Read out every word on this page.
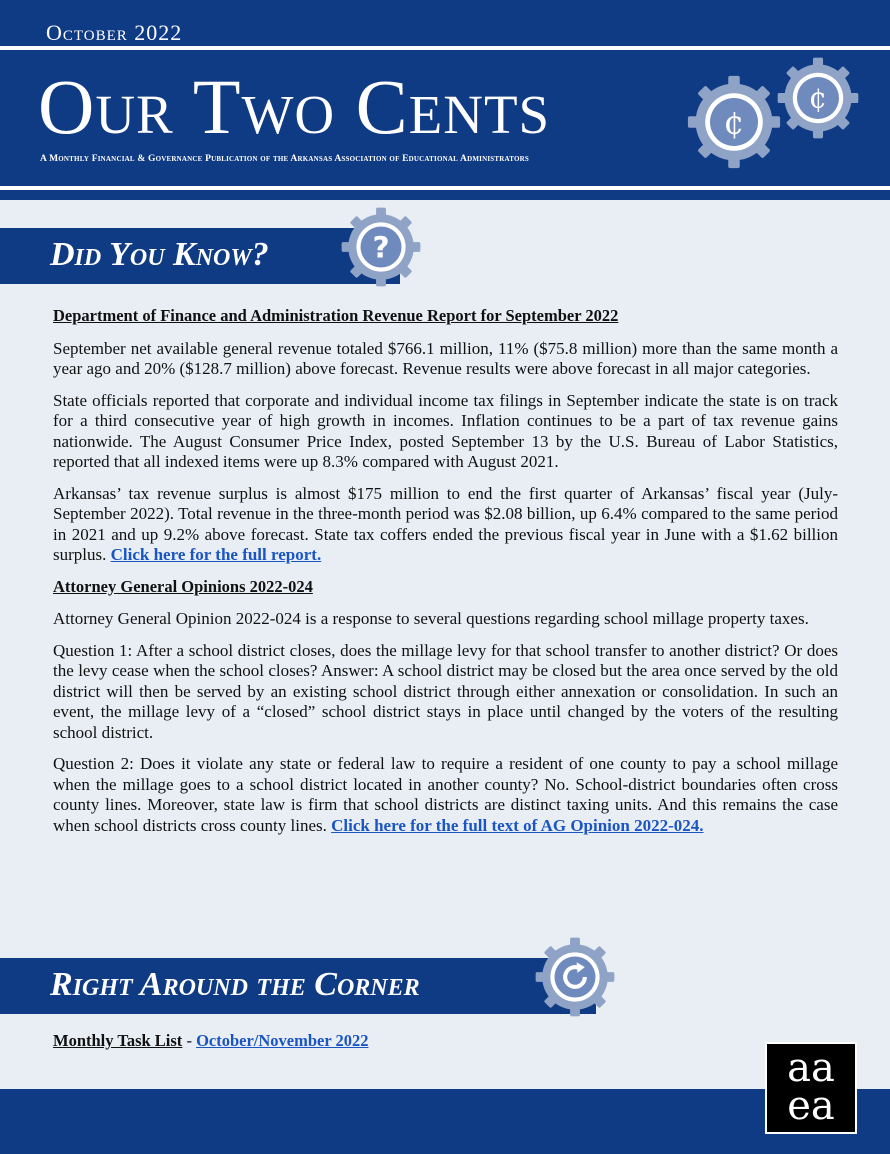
October 2022
Our Two Cents
A Monthly Financial & Governance Publication of the Arkansas Association of Educational Administrators
¢
¢
Did You Know?	?

Department of Finance and Administration Revenue Report for September 2022

September net available general revenue totaled $766.1 million, 11% ($75.8 million) more than the same month a year ago and 20% ($128.7 million) above forecast. Revenue results were above forecast in all major categories.

State officials reported that corporate and individual income tax filings in September indicate the state is on track for a third consecutive year of high growth in incomes. Inflation continues to be a part of tax revenue gains nationwide. The August Consumer Price Index, posted September 13 by the U.S. Bureau of Labor Statistics, reported that all indexed items were up 8.3% compared with August 2021.

Arkansas’ tax revenue surplus is almost $175 million to end the first quarter of Arkansas’ fiscal year (July-September 2022). Total revenue in the three-month period was $2.08 billion, up 6.4% compared to the same period in 2021 and up 9.2% above forecast. State tax coffers ended the previous fiscal year in June with a $1.62 billion surplus. Click here for the full report.

Attorney General Opinions 2022-024

Attorney General Opinion 2022-024 is a response to several questions regarding school millage property taxes.

Question 1: After a school district closes, does the millage levy for that school transfer to another district? Or does the levy cease when the school closes? Answer: A school district may be closed but the area once served by the old district will then be served by an existing school district through either annexation or consolidation. In such an event, the millage levy of a “closed” school district stays in place until changed by the voters of the resulting school district.

Question 2: Does it violate any state or federal law to require a resident of one county to pay a school millage when the millage goes to a school district located in another county? No. School-district boundaries often cross county lines. Moreover, state law is firm that school districts are distinct taxing units. And this remains the case when school districts cross county lines. Click here for the full text of AG Opinion 2022-024.

Right Around the Corner
Monthly Task List - October/November 2022
aa
ea
